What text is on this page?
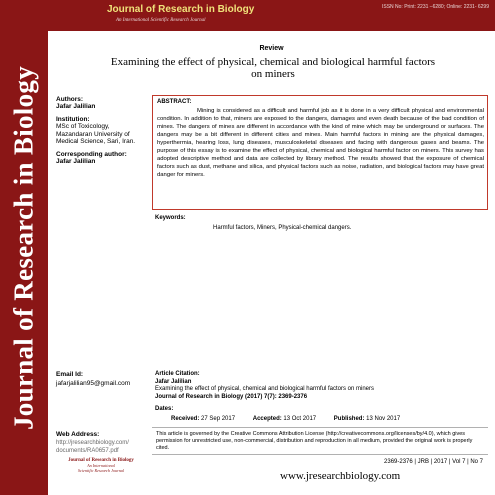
Journal of Research in Biology
Journal of Research in Biology
An International Scientific Research Journal
ISSN No: Print: 2231 –6280; Online: 2231- 6299
Review
Examining the effect of physical, chemical and biological harmful factors
on miners
Authors:
Jafar Jalilian
Institution:
MSc of Toxicology,
Mazandaran University of
Medical Science, Sari, Iran.
Corresponding author:
Jafar Jalilian
ABSTRACT:

Mining is considered as a difficult and harmful job as it is done in a very difficult physical and environmental condition. In addition to that, miners are exposed to the dangers, damages and even death because of the bad condition of mines. The dangers of mines are different in accordance with the kind of mine which may be underground or surfaces. The dangers may be a bit different in different cities and mines. Main harmful factors in mining are the physical damages, hyperthermia, hearing loss, lung diseases, musculoskeletal diseases and facing with dangerous gases and beams. The purpose of this essay is to examine the effect of physical, chemical and biological harmful factor on miners. This survey has adopted descriptive method and data are collected by library method. The results showed that the exposure of chemical factors such as dust, methane and silica, and physical factors such as noise, radiation, and biological factors may have great danger for miners.

Keywords:
Harmful factors, Miners, Physical-chemical dangers.
Email Id:
jafarjalilian95@gmail.com
Article Citation:
Jafar Jalilian
Examining the effect of physical, chemical and biological harmful factors on miners
Journal of Research in Biology (2017) 7(7): 2369-2376
Dates:
Received: 27 Sep 2017	Accepted: 13 Oct 2017	Published: 13 Nov 2017

This article is governed by the Creative Commons Attribution License (http://creativecommons.org/licenses/by/4.0), which gives permission for unrestricted use, non-commercial, distribution and reproduction in all medium, provided the original work is properly cited.

Web Address:
http://jresearchbiology.com/
documents/RA0657.pdf
Journal of Research in Biology
An International
Scientific Research Journal
2369-2376 | JRB | 2017 | Vol 7 | No 7
www.jresearchbiology.com
